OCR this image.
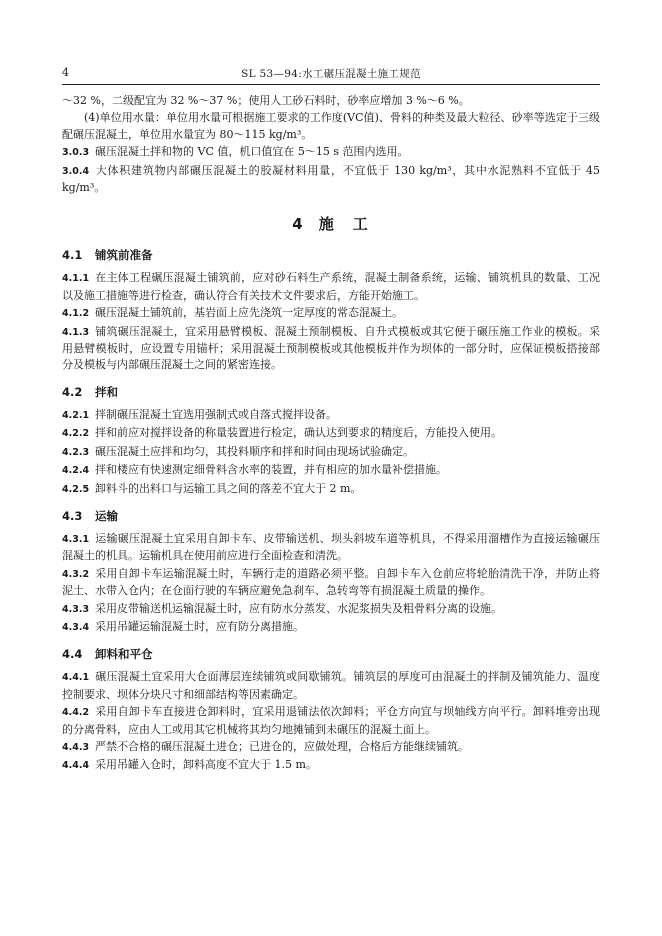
4	SL 53—94:水工碾压混凝土施工规范

～32 %，二级配宜为 32 %～37 %；使用人工砂石料时，砂率应增加 3 %～6 %。

(4)单位用水量：单位用水量可根据施工要求的工作度(VC值)、骨料的种类及最大粒径、砂率等选定于三级配碾压混凝土，单位用水量宜为 80～115 kg/m³。

3.0.3 碾压混凝土拌和物的 VC 值，机口值宜在 5～15 s 范围内选用。

3.0.4 大体积建筑物内部碾压混凝土的胶凝材料用量，不宜低于 130 kg/m³，其中水泥熟料不宜低于 45 kg/m³。

4 施　工
4.1 铺筑前准备

4.1.1 在主体工程碾压混凝土铺筑前，应对砂石料生产系统，混凝土制备系统，运输、铺筑机具的数量、工况以及施工措施等进行检查，确认符合有关技术文件要求后，方能开始施工。

4.1.2 碾压混凝土铺筑前，基岩面上应先浇筑一定厚度的常态混凝土。

4.1.3 铺筑碾压混凝土，宜采用悬臂模板、混凝土预制模板、自升式模板或其它便于碾压施工作业的模板。采用悬臂模板时，应设置专用锚杆；采用混凝土预制模板或其他模板并作为坝体的一部分时，应保证模板搭接部分及模板与内部碾压混凝土之间的紧密连接。

4.2 拌和

4.2.1 拌制碾压混凝土宜选用强制式或自落式搅拌设备。

4.2.2 拌和前应对搅拌设备的称量装置进行检定，确认达到要求的精度后，方能投入使用。

4.2.3 碾压混凝土应拌和均匀，其投料顺序和拌和时间由现场试验确定。

4.2.4 拌和楼应有快速测定细骨料含水率的装置，并有相应的加水量补偿措施。

4.2.5 卸料斗的出料口与运输工具之间的落差不宜大于 2 m。

4.3 运输

4.3.1 运输碾压混凝土宜采用自卸卡车、皮带输送机、坝头斜坡车道等机具，不得采用溜槽作为直接运输碾压混凝土的机具。运输机具在使用前应进行全面检查和清洗。

4.3.2 采用自卸卡车运输混凝土时，车辆行走的道路必须平整。自卸卡车入仓前应将轮胎清洗干净，并防止将泥土、水带入仓内；在仓面行驶的车辆应避免急刹车、急转弯等有损混凝土质量的操作。

4.3.3 采用皮带输送机运输混凝土时，应有防水分蒸发、水泥浆损失及粗骨料分离的设施。

4.3.4 采用吊罐运输混凝土时，应有防分离措施。

4.4 卸料和平仓

4.4.1 碾压混凝土宜采用大仓面薄层连续铺筑或间歇铺筑。铺筑层的厚度可由混凝土的拌制及铺筑能力、温度控制要求、坝体分块尺寸和细部结构等因素确定。

4.4.2 采用自卸卡车直接进仓卸料时，宜采用退铺法依次卸料；平仓方向宜与坝轴线方向平行。卸料堆旁出现的分离骨料，应由人工或用其它机械将其均匀地摊铺到未碾压的混凝土面上。

4.4.3 严禁不合格的碾压混凝土进仓；已进仓的，应做处理，合格后方能继续铺筑。

4.4.4 采用吊罐入仓时，卸料高度不宜大于 1.5 m。
